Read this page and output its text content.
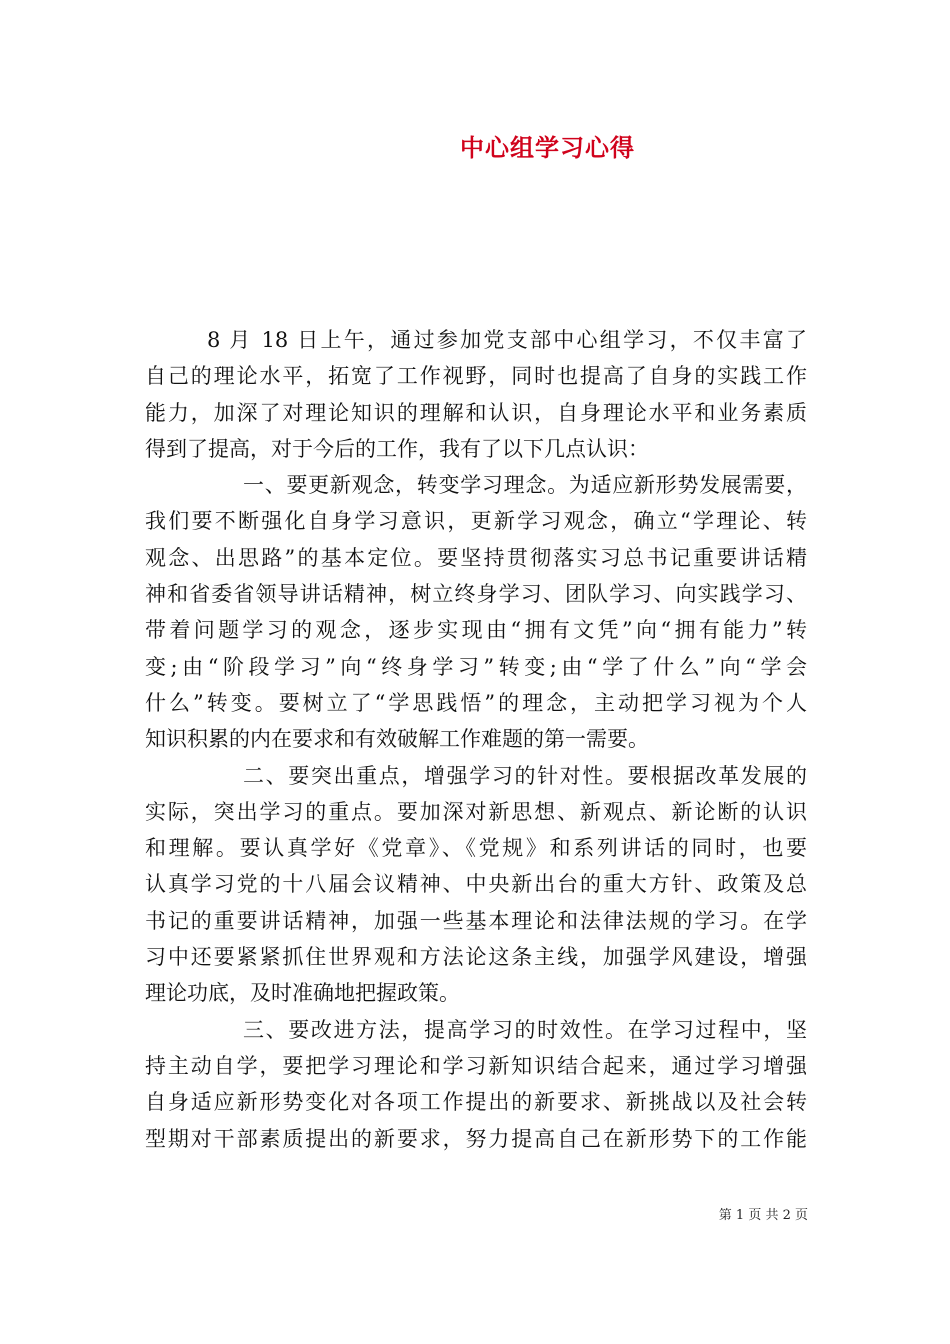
中心组学习心得
8 月 18 日上午，通过参加党支部中心组学习，不仅丰富了
自己的理论水平，拓宽了工作视野，同时也提高了自身的实践工作
能力，加深了对理论知识的理解和认识，自身理论水平和业务素质
得到了提高，对于今后的工作，我有了以下几点认识：
一、要更新观念，转变学习理念。为适应新形势发展需要，
我们要不断强化自身学习意识，更新学习观念，确立“学理论、转
观念、出思路”的基本定位。要坚持贯彻落实习总书记重要讲话精
神和省委省领导讲话精神，树立终身学习、团队学习、向实践学习、
带着问题学习的观念，逐步实现由“拥有文凭”向“拥有能力”转
变;由“阶段学习”向“终身学习”转变;由“学了什么”向“学会
什么”转变。要树立了“学思践悟”的理念，主动把学习视为个人
知识积累的内在要求和有效破解工作难题的第一需要。
二、要突出重点，增强学习的针对性。要根据改革发展的
实际，突出学习的重点。要加深对新思想、新观点、新论断的认识
和理解。要认真学好《党章》、《党规》和系列讲话的同时，也要
认真学习党的十八届会议精神、中央新出台的重大方针、政策及总
书记的重要讲话精神，加强一些基本理论和法律法规的学习。在学
习中还要紧紧抓住世界观和方法论这条主线，加强学风建设，增强
理论功底，及时准确地把握政策。
三、要改进方法，提高学习的时效性。在学习过程中，坚
持主动自学，要把学习理论和学习新知识结合起来，通过学习增强
自身适应新形势变化对各项工作提出的新要求、新挑战以及社会转
型期对干部素质提出的新要求，努力提高自己在新形势下的工作能
第 1 页 共 2 页
